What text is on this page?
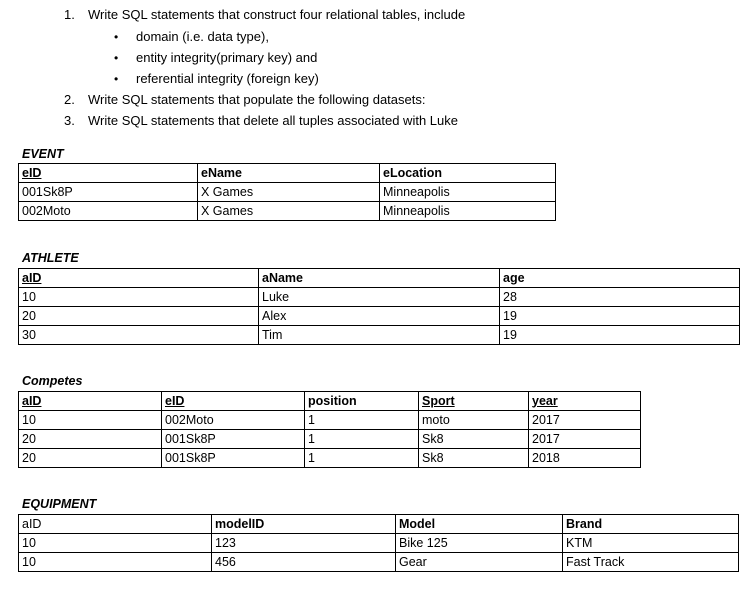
1. Write SQL statements that construct four relational tables, include
• domain (i.e. data type),
• entity integrity(primary key) and
• referential integrity (foreign key)
2. Write SQL statements that populate the following datasets:
3. Write SQL statements that delete all tuples associated with Luke
EVENT
eID	eName	eLocation
001Sk8P	X Games	Minneapolis
002Moto	X Games	Minneapolis
ATHLETE
aID	aName	age
10	Luke	28
20	Alex	19
30	Tim	19
Competes
aID	eID	position	Sport	year
10	002Moto	1	moto	2017
20	001Sk8P	1	Sk8	2017
20	001Sk8P	1	Sk8	2018
EQUIPMENT
aID	modelID	Model	Brand
10	123	Bike 125	KTM
10	456	Gear	Fast Track
